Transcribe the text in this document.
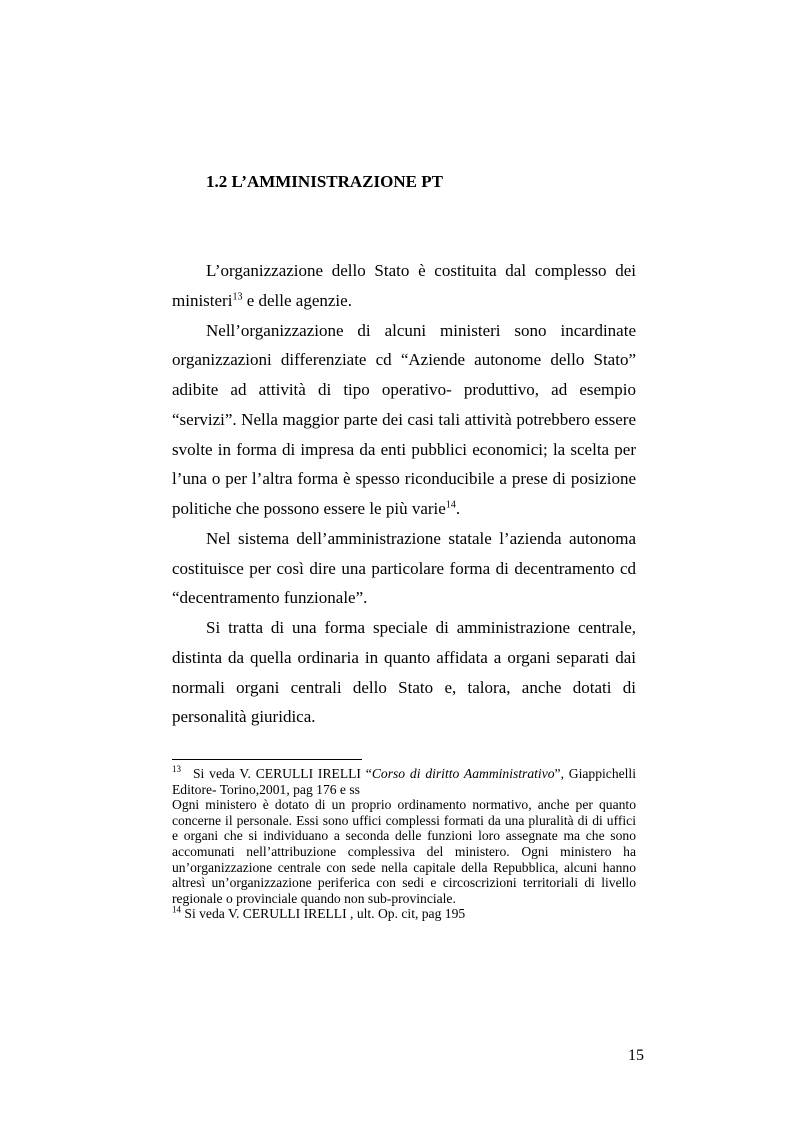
1.2 L’AMMINISTRAZIONE PT

L’organizzazione dello Stato è costituita dal complesso dei ministeri$^{13}$ e delle agenzie.

Nell’organizzazione di alcuni ministeri sono incardinate organizzazioni differenziate cd “Aziende autonome dello Stato” adibite ad attività di tipo operativo- produttivo, ad esempio “servizi”. Nella maggior parte dei casi tali attività potrebbero essere svolte in forma di impresa da enti pubblici economici; la scelta per l’una o per l’altra forma è spesso riconducibile a prese di posizione politiche che possono essere le più varie$^{14}$.

Nel sistema dell’amministrazione statale l’azienda autonoma costituisce per così dire una particolare forma di decentramento cd “decentramento funzionale”.

Si tratta di una forma speciale di amministrazione centrale, distinta da quella ordinaria in quanto affidata a organi separati dai normali organi centrali dello Stato e, talora, anche dotati di personalità giuridica.

$^{13}$ Si veda V. CERULLI IRELLI “Corso di diritto Aamministrativo”, Giappichelli Editore- Torino,2001, pag 176 e ss

Ogni ministero è dotato di un proprio ordinamento normativo, anche per quanto concerne il personale. Essi sono uffici complessi formati da una pluralità di di uffici e organi che si individuano a seconda delle funzioni loro assegnate ma che sono accomunati nell’attribuzione complessiva del ministero. Ogni ministero ha un’organizzazione centrale con sede nella capitale della Repubblica, alcuni hanno altresì un’organizzazione periferica con sedi e circoscrizioni territoriali di livello regionale o provinciale quando non sub-provinciale.

$^{14}$ Si veda V. CERULLI IRELLI , ult. Op. cit, pag 195

15
